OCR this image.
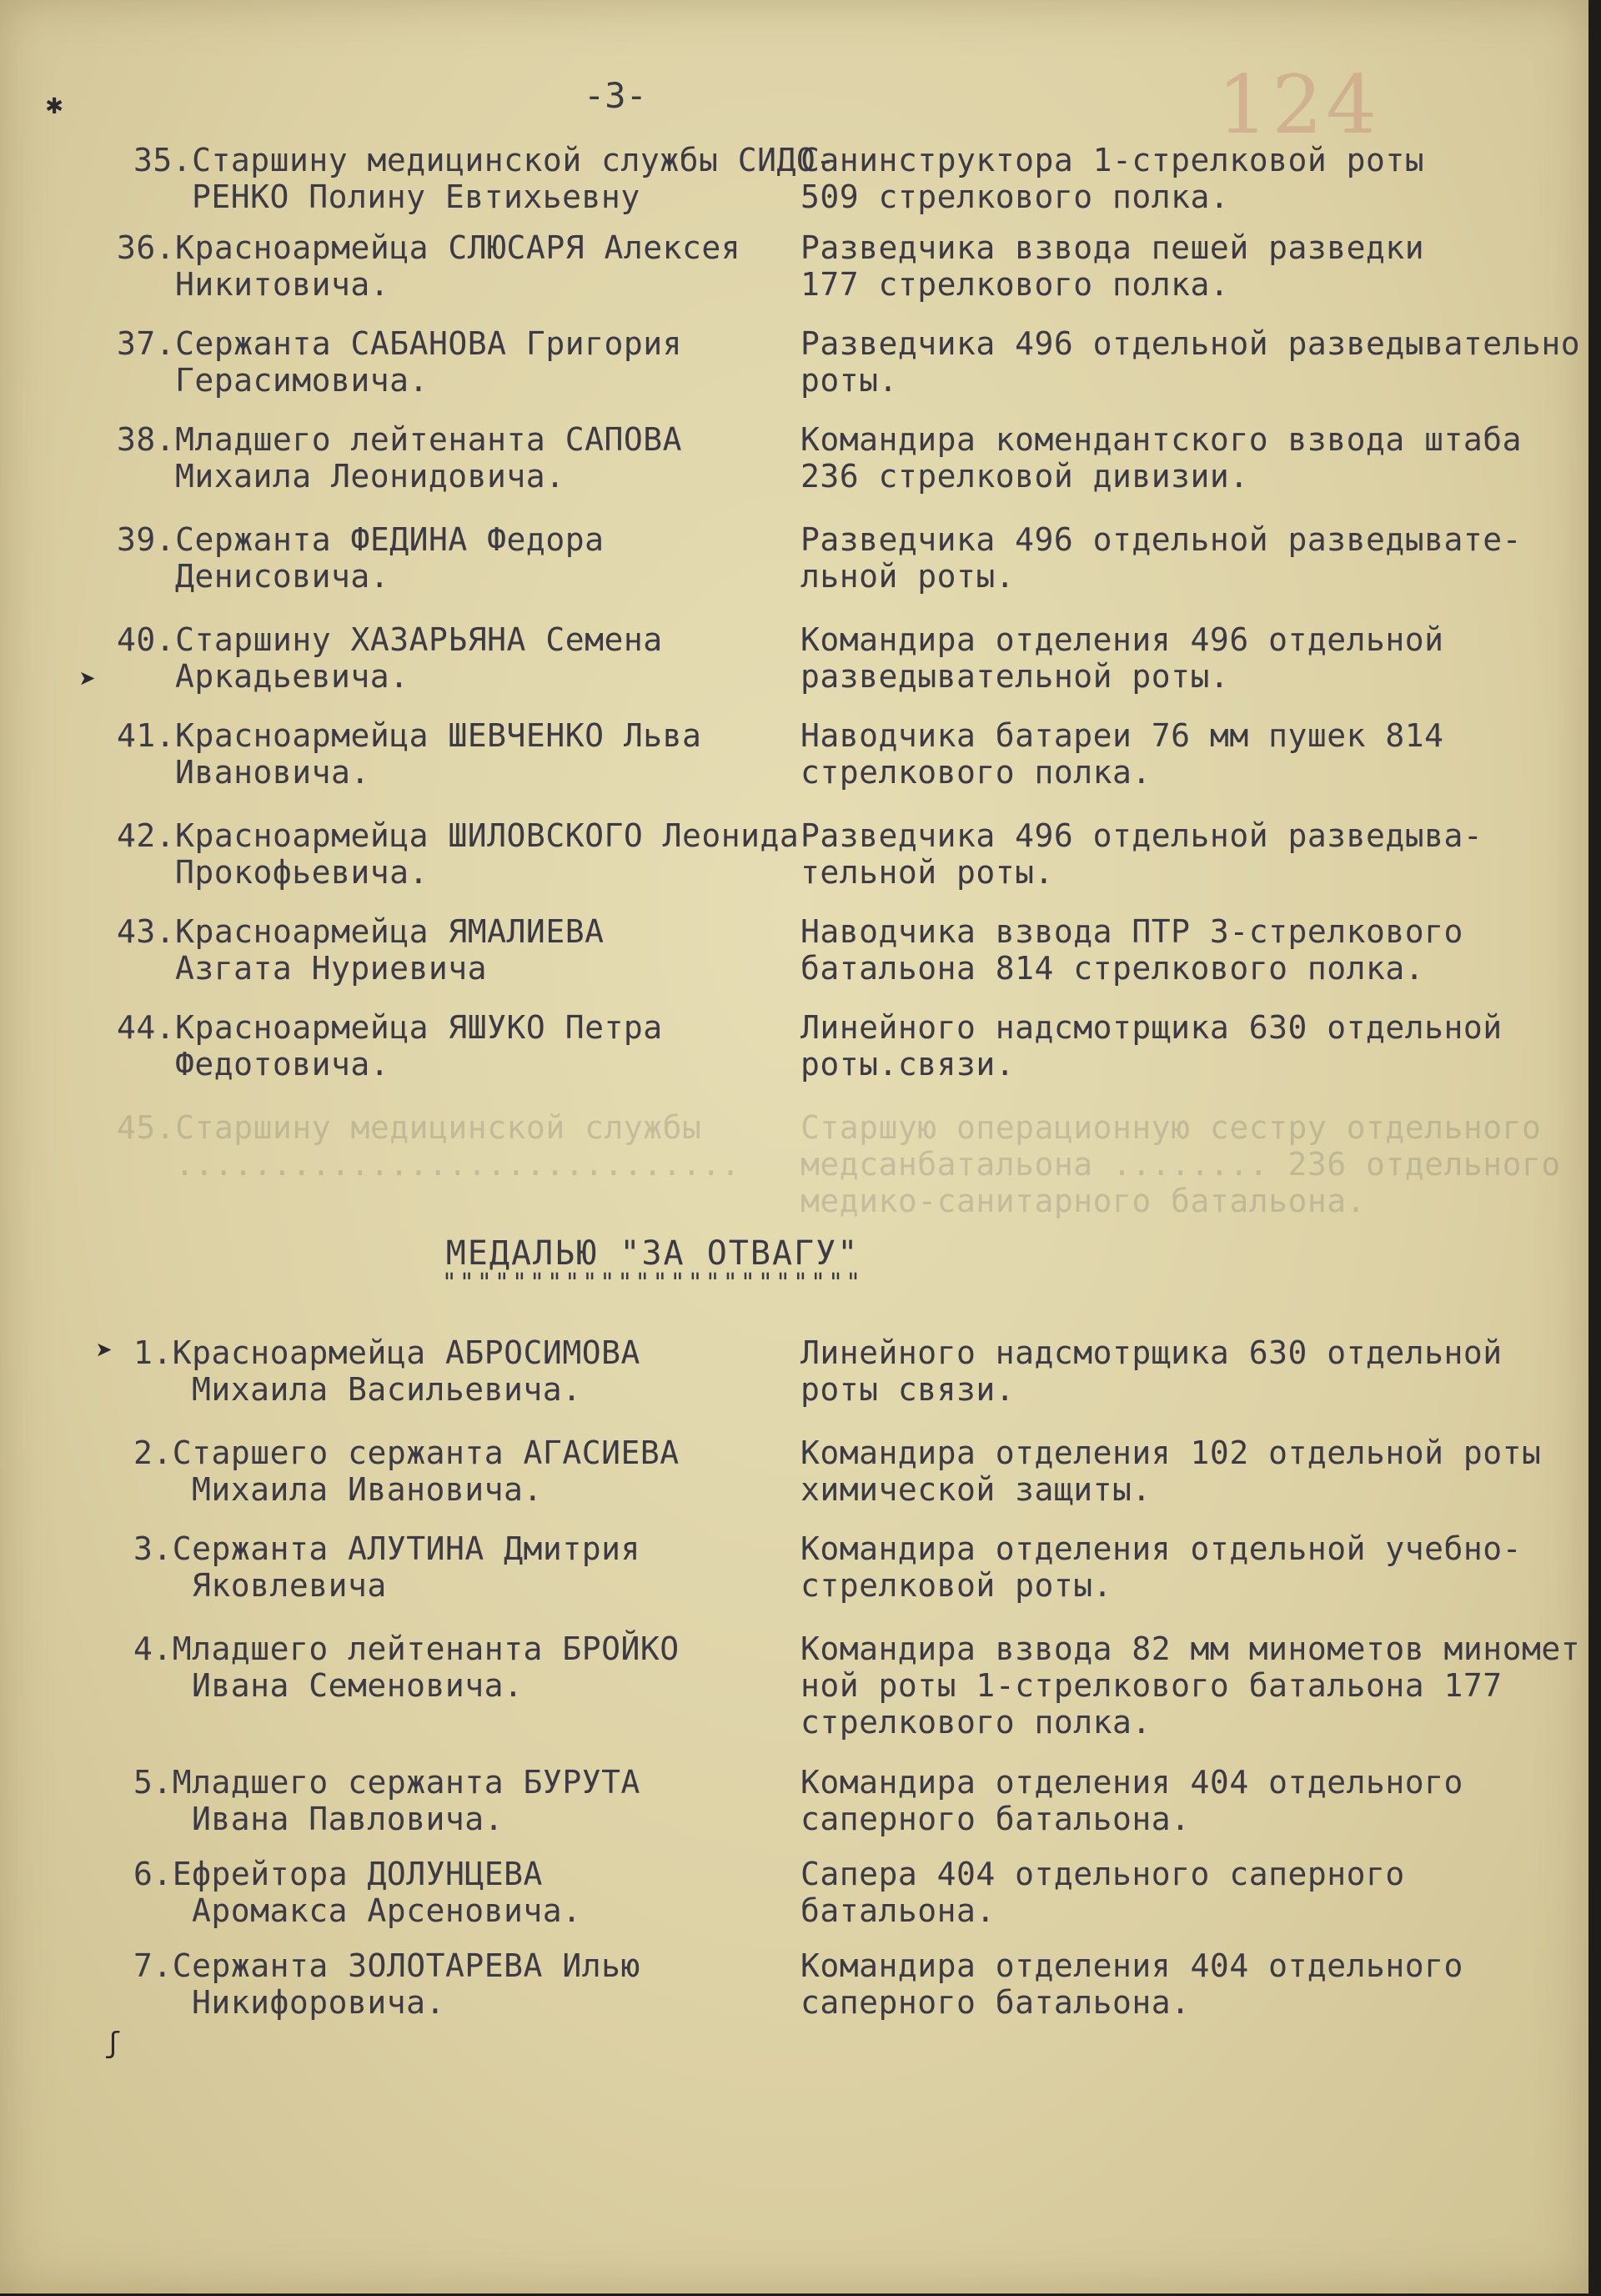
-3-	124
35.Старшину медицинской службы СИДО-
РЕНКО Полину Евтихьевну
Санинструктора 1-стрелковой роты
509 стрелкового полка.
36.Красноармейца СЛЮСАРЯ Алексея
Никитовича.
Разведчика взвода пешей разведки
177 стрелкового полка.
37.Сержанта САБАНОВА Григория
Герасимовича.
Разведчика 496 отдельной разведывательно
роты.
38.Младшего лейтенанта САПОВА
Михаила Леонидовича.
Командира комендантского взвода штаба
236 стрелковой дивизии.
39.Сержанта ФЕДИНА Федора
Денисовича.
Разведчика 496 отдельной разведывате-
льной роты.
40.Старшину ХАЗАРЬЯНА Семена
Аркадьевича.
Командира отделения 496 отдельной
разведывательной роты.
41.Красноармейца ШЕВЧЕНКО Льва
Ивановича.
Наводчика батареи 76 мм пушек 814
стрелкового полка.
42.Красноармейца ШИЛОВСКОГО Леонида
Прокофьевича.
Разведчика 496 отдельной разведыва-
тельной роты.
43.Красноармейца ЯМАЛИЕВА
Азгата Нуриевича
Наводчика взвода ПТР 3-стрелкового
батальона 814 стрелкового полка.
44.Красноармейца ЯШУКО Петра
Федотовича.
Линейного надсмотрщика 630 отдельной
роты.связи.
45.Старшину медицинской службы
.............................
Старшую операционную сестру отдельного
медсанбатальона ........ 236 отдельного
медико-санитарного батальона.
МЕДАЛЬЮ "ЗА ОТВАГУ"
""""""""""""""""""""""""
1.Красноармейца АБРОСИМОВА
Михаила Васильевича.
Линейного надсмотрщика 630 отдельной
роты связи.
2.Старшего сержанта АГАСИЕВА
Михаила Ивановича.
Командира отделения 102 отдельной роты
химической защиты.
3.Сержанта АЛУТИНА Дмитрия
Яковлевича
Командира отделения отдельной учебно-
стрелковой роты.
4.Младшего лейтенанта БРОЙКО
Ивана Семеновича.
Командира взвода 82 мм минометов миномет
ной роты 1-стрелкового батальона 177
стрелкового полка.
5.Младшего сержанта БУРУТА
Ивана Павловича.
Командира отделения 404 отдельного
саперного батальона.
6.Ефрейтора ДОЛУНЦЕВА
Аромакса Арсеновича.
Сапера 404 отдельного саперного
батальона.
7.Сержанта ЗОЛОТАРЕВА Илью
Никифоровича.
Командира отделения 404 отдельного
саперного батальона.
✱
➤
➤
ʃ
